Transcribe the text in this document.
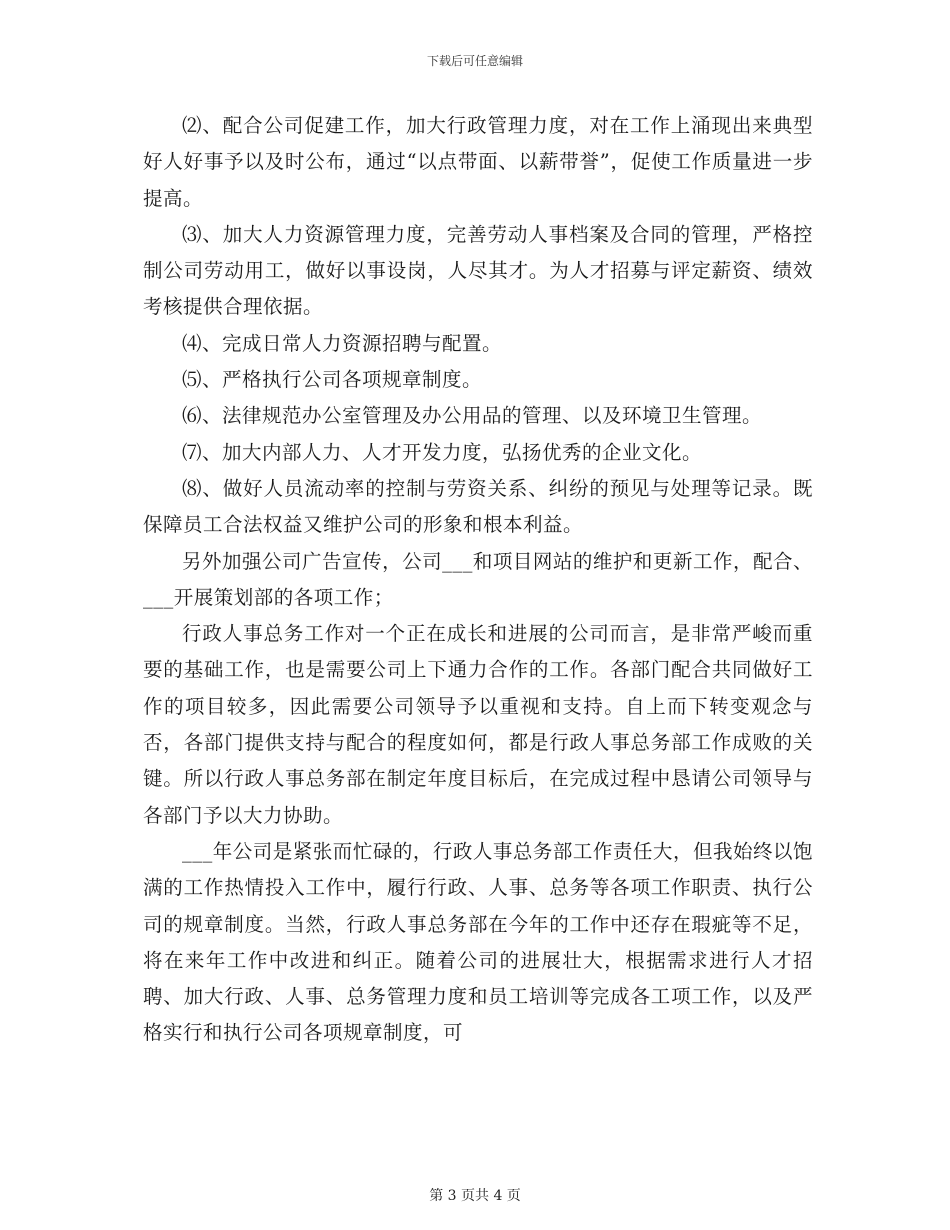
下载后可任意编辑

⑵、配合公司促建工作，加大行政管理力度，对在工作上涌现出来典型好人好事予以及时公布，通过“以点带面、以薪带誉”，促使工作质量进一步提高。

⑶、加大人力资源管理力度，完善劳动人事档案及合同的管理，严格控制公司劳动用工，做好以事设岗，人尽其才。为人才招募与评定薪资、绩效考核提供合理依据。

⑷、完成日常人力资源招聘与配置。

⑸、严格执行公司各项规章制度。

⑹、法律规范办公室管理及办公用品的管理、以及环境卫生管理。

⑺、加大内部人力、人才开发力度，弘扬优秀的企业文化。

⑻、做好人员流动率的控制与劳资关系、纠纷的预见与处理等记录。既保障员工合法权益又维护公司的形象和根本利益。

另外加强公司广告宣传，公司___和项目网站的维护和更新工作，配合、___开展策划部的各项工作；

行政人事总务工作对一个正在成长和进展的公司而言，是非常严峻而重要的基础工作，也是需要公司上下通力合作的工作。各部门配合共同做好工作的项目较多，因此需要公司领导予以重视和支持。自上而下转变观念与否，各部门提供支持与配合的程度如何，都是行政人事总务部工作成败的关键。所以行政人事总务部在制定年度目标后，在完成过程中恳请公司领导与各部门予以大力协助。

___年公司是紧张而忙碌的，行政人事总务部工作责任大，但我始终以饱满的工作热情投入工作中，履行行政、人事、总务等各项工作职责、执行公司的规章制度。当然，行政人事总务部在今年的工作中还存在瑕疵等不足，将在来年工作中改进和纠正。随着公司的进展壮大，根据需求进行人才招聘、加大行政、人事、总务管理力度和员工培训等完成各工项工作，以及严格实行和执行公司各项规章制度，可

第 3 页共 4 页
